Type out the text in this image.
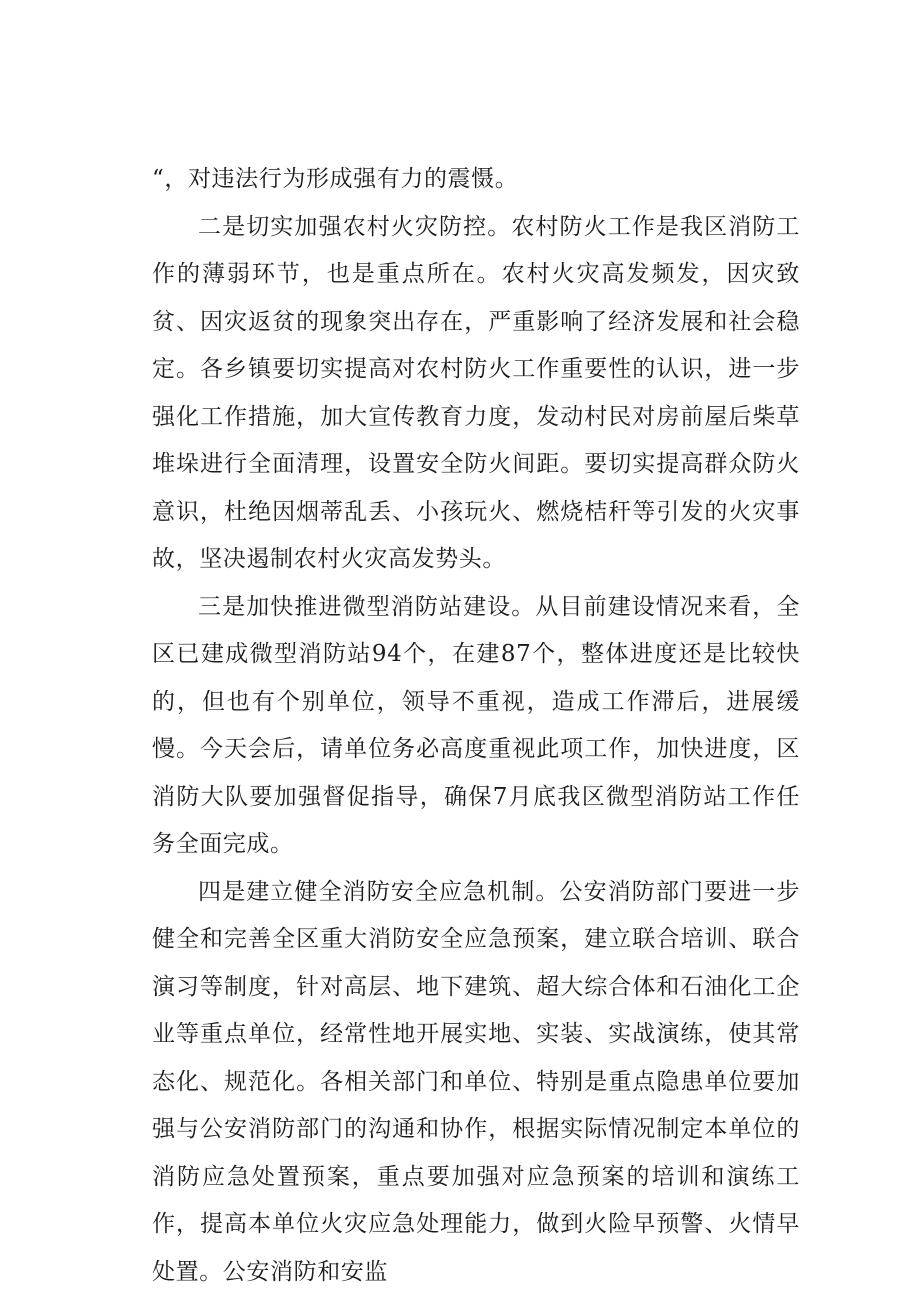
“，对违法行为形成强有力的震慑。

二是切实加强农村火灾防控。农村防火工作是我区消防工作的薄弱环节，也是重点所在。农村火灾高发频发，因灾致贫、因灾返贫的现象突出存在，严重影响了经济发展和社会稳定。各乡镇要切实提高对农村防火工作重要性的认识，进一步强化工作措施，加大宣传教育力度，发动村民对房前屋后柴草堆垛进行全面清理，设置安全防火间距。要切实提高群众防火意识，杜绝因烟蒂乱丢、小孩玩火、燃烧桔秆等引发的火灾事故，坚决遏制农村火灾高发势头。

三是加快推进微型消防站建设。从目前建设情况来看，全区已建成微型消防站94个，在建87个，整体进度还是比较快的，但也有个别单位，领导不重视，造成工作滞后，进展缓慢。今天会后，请单位务必高度重视此项工作，加快进度，区消防大队要加强督促指导，确保7月底我区微型消防站工作任务全面完成。

四是建立健全消防安全应急机制。公安消防部门要进一步健全和完善全区重大消防安全应急预案，建立联合培训、联合演习等制度，针对高层、地下建筑、超大综合体和石油化工企业等重点单位，经常性地开展实地、实装、实战演练，使其常态化、规范化。各相关部门和单位、特别是重点隐患单位要加强与公安消防部门的沟通和协作，根据实际情况制定本单位的消防应急处置预案，重点要加强对应急预案的培训和演练工作，提高本单位火灾应急处理能力，做到火险早预警、火情早处置。公安消防和安监
